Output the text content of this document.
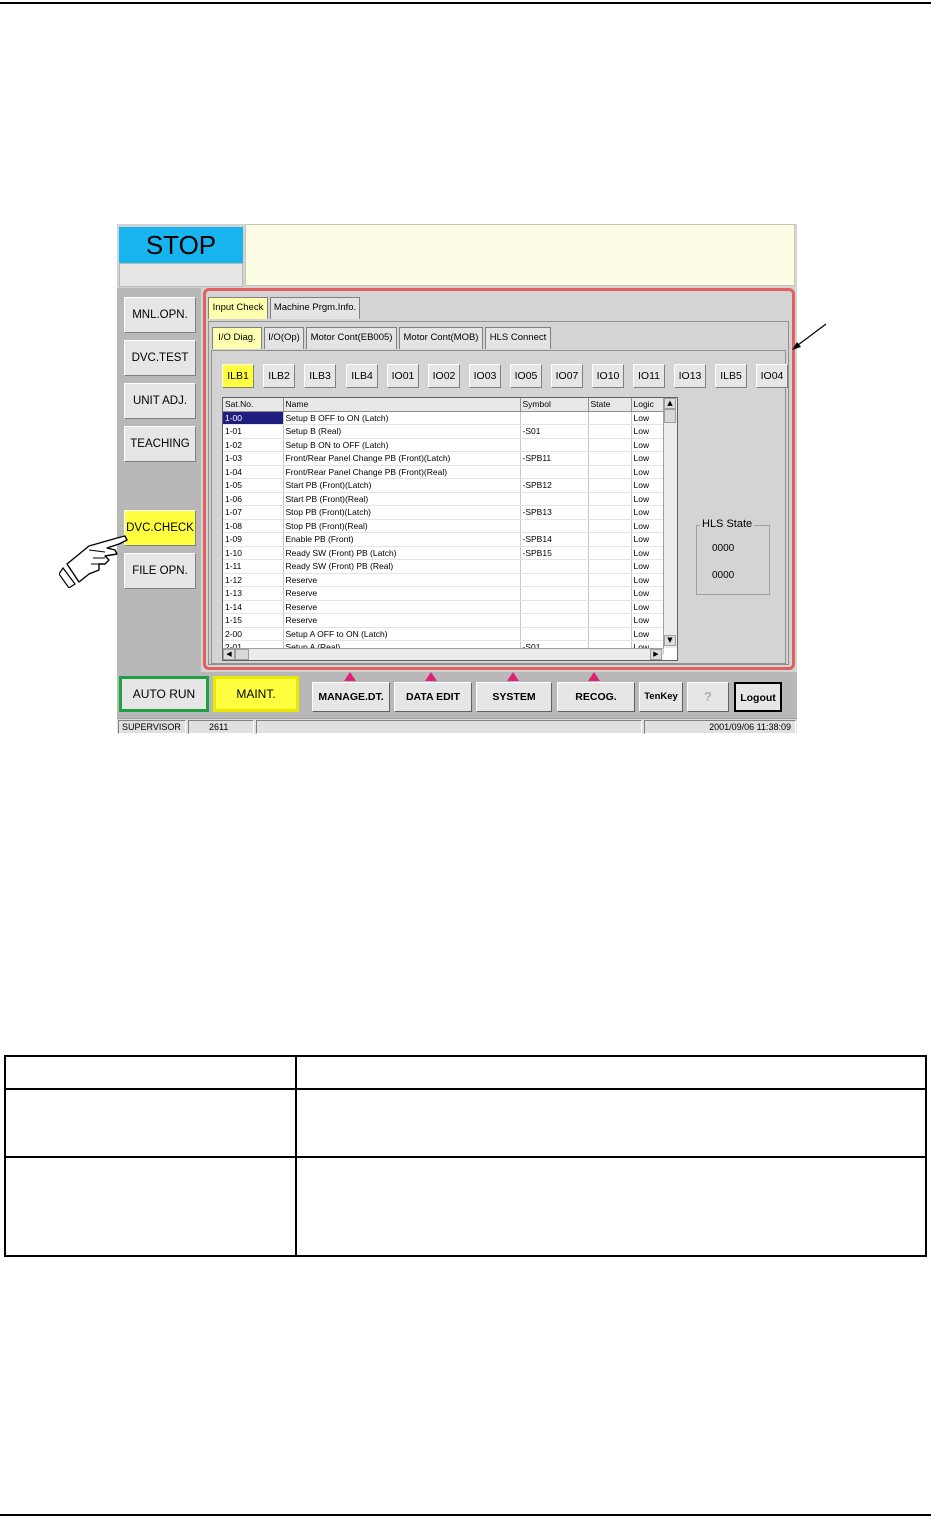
STOP
MNL.OPN.
DVC.TEST
UNIT ADJ.
TEACHING
DVC.CHECK
FILE OPN.
Input Check	Machine Prgm.Info.
I/O Diag.	I/O(Op)	Motor Cont(EB005)	Motor Cont(MOB)	HLS Connect
ILB1	ILB2	ILB3	ILB4	IO01	IO02	IO03	IO05	IO07	IO10	IO11	IO13	ILB5	IO04
Sat.No.	Name	Symbol	State	Logic
1-00	Setup B OFF to ON (Latch)			Low
1-01	Setup B (Real)	-S01		Low
1-02	Setup B ON to OFF (Latch)			Low
1-03	Front/Rear Panel Change PB (Front)(Latch)	-SPB11		Low
1-04	Front/Rear Panel Change PB (Front)(Real)			Low
1-05	Start PB (Front)(Latch)	-SPB12		Low
1-06	Start PB (Front)(Real)			Low
1-07	Stop PB (Front)(Latch)	-SPB13		Low
1-08	Stop PB (Front)(Real)			Low
1-09	Enable PB (Front)	-SPB14		Low
1-10	Ready SW (Front) PB (Latch)	-SPB15		Low
1-11	Ready SW (Front) PB (Real)			Low
1-12	Reserve			Low
1-13	Reserve			Low
1-14	Reserve			Low
1-15	Reserve			Low
2-00	Setup A OFF to ON (Latch)			Low

▲
▼
◀	▶
HLS State
0000
0000
AUTO RUN	MAINT.	MANAGE.DT.	DATA EDIT	SYSTEM	RECOG.	TenKey	?	Logout
SUPERVISOR	2611	2001/09/06 11:38:09
